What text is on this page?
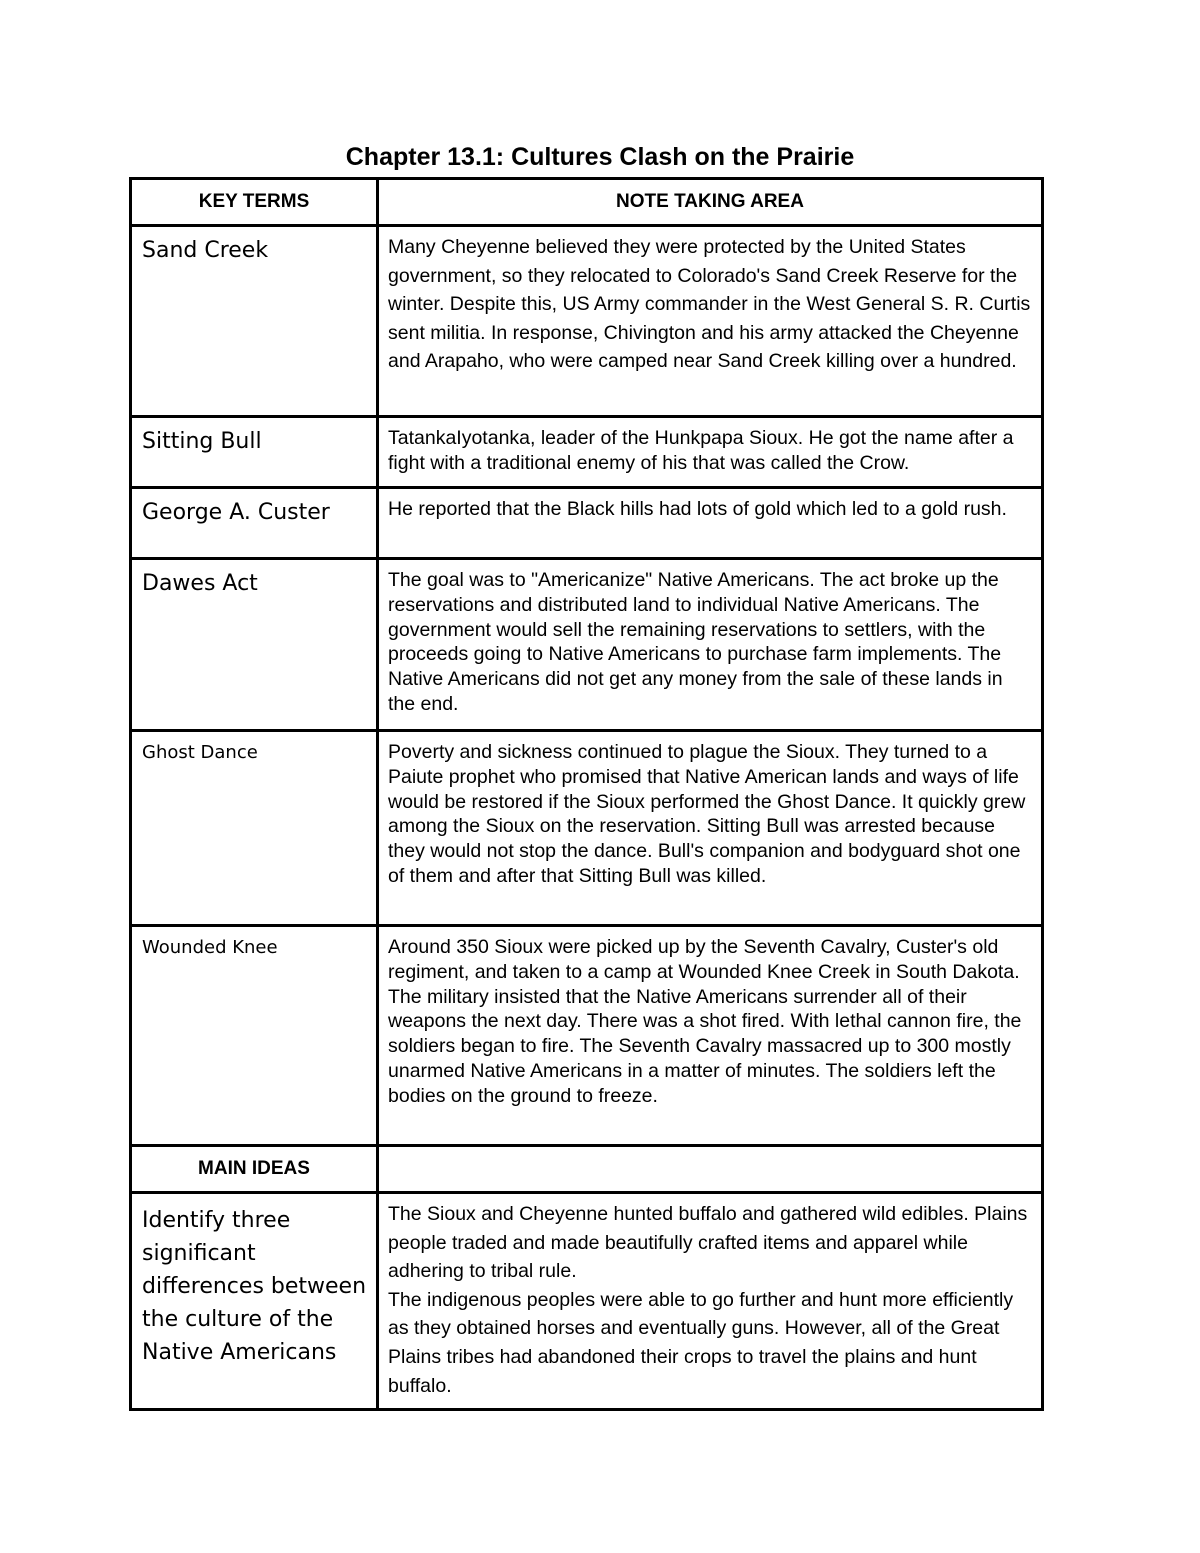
Chapter 13.1: Cultures Clash on the Prairie
KEY TERMS	NOTE TAKING AREA
Sand Creek	Many Cheyenne believed they were protected by the United States government, so they relocated to Colorado's Sand Creek Reserve for the winter. Despite this, US Army commander in the West General S. R. Curtis sent militia. In response, Chivington and his army attacked the Cheyenne and Arapaho, who were camped near Sand Creek killing over a hundred.
Sitting Bull	TatankaIyotanka, leader of the Hunkpapa Sioux. He got the name after a fight with a traditional enemy of his that was called the Crow.
George A. Custer	He reported that the Black hills had lots of gold which led to a gold rush.
Dawes Act	The goal was to "Americanize" Native Americans. The act broke up the reservations and distributed land to individual Native Americans. The government would sell the remaining reservations to settlers, with the proceeds going to Native Americans to purchase farm implements. The Native Americans did not get any money from the sale of these lands in the end.
Ghost Dance	Poverty and sickness continued to plague the Sioux. They turned to a Paiute prophet who promised that Native American lands and ways of life would be restored if the Sioux performed the Ghost Dance. It quickly grew among the Sioux on the reservation. Sitting Bull was arrested because they would not stop the dance. Bull's companion and bodyguard shot one of them and after that Sitting Bull was killed.
Wounded Knee	Around 350 Sioux were picked up by the Seventh Cavalry, Custer's old regiment, and taken to a camp at Wounded Knee Creek in South Dakota. The military insisted that the Native Americans surrender all of their weapons the next day. There was a shot fired. With lethal cannon fire, the soldiers began to fire. The Seventh Cavalry massacred up to 300 mostly unarmed Native Americans in a matter of minutes. The soldiers left the bodies on the ground to freeze.
MAIN IDEAS	
Identify three significant differences between the culture of the Native Americans	The Sioux and Cheyenne hunted buffalo and gathered wild edibles. Plains people traded and made beautifully crafted items and apparel while adhering to tribal rule.

The indigenous peoples were able to go further and hunt more efficiently as they obtained horses and eventually guns. However, all of the Great Plains tribes had abandoned their crops to travel the plains and hunt buffalo.
